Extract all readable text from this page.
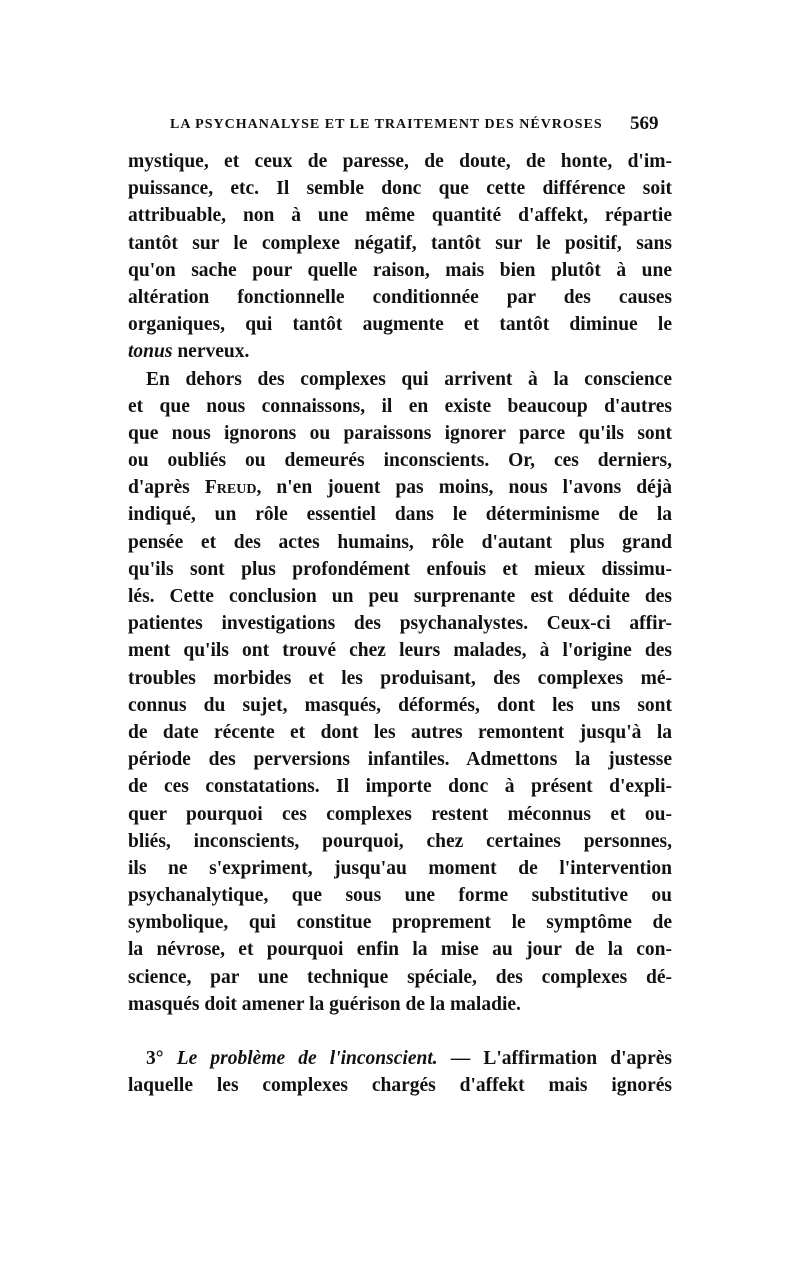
LA PSYCHANALYSE ET LE TRAITEMENT DES NÉVROSES 569
mystique, et ceux de paresse, de doute, de honte, d'im-
puissance, etc. Il semble donc que cette différence soit
attribuable, non à une même quantité d'affekt, répartie
tantôt sur le complexe négatif, tantôt sur le positif, sans
qu'on sache pour quelle raison, mais bien plutôt à une
altération fonctionnelle conditionnée par des causes
organiques, qui tantôt augmente et tantôt diminue le
tonus nerveux.
En dehors des complexes qui arrivent à la conscience
et que nous connaissons, il en existe beaucoup d'autres
que nous ignorons ou paraissons ignorer parce qu'ils sont
ou oubliés ou demeurés inconscients. Or, ces derniers,
d'après Freud, n'en jouent pas moins, nous l'avons déjà
indiqué, un rôle essentiel dans le déterminisme de la
pensée et des actes humains, rôle d'autant plus grand
qu'ils sont plus profondément enfouis et mieux dissimu-
lés. Cette conclusion un peu surprenante est déduite des
patientes investigations des psychanalystes. Ceux-ci affir-
ment qu'ils ont trouvé chez leurs malades, à l'origine des
troubles morbides et les produisant, des complexes mé-
connus du sujet, masqués, déformés, dont les uns sont
de date récente et dont les autres remontent jusqu'à la
période des perversions infantiles. Admettons la justesse
de ces constatations. Il importe donc à présent d'expli-
quer pourquoi ces complexes restent méconnus et ou-
bliés, inconscients, pourquoi, chez certaines personnes,
ils ne s'expriment, jusqu'au moment de l'intervention
psychanalytique, que sous une forme substitutive ou
symbolique, qui constitue proprement le symptôme de
la névrose, et pourquoi enfin la mise au jour de la con-
science, par une technique spéciale, des complexes dé-
masqués doit amener la guérison de la maladie.
3° Le problème de l'inconscient. — L'affirmation d'après
laquelle les complexes chargés d'affekt mais ignorés
